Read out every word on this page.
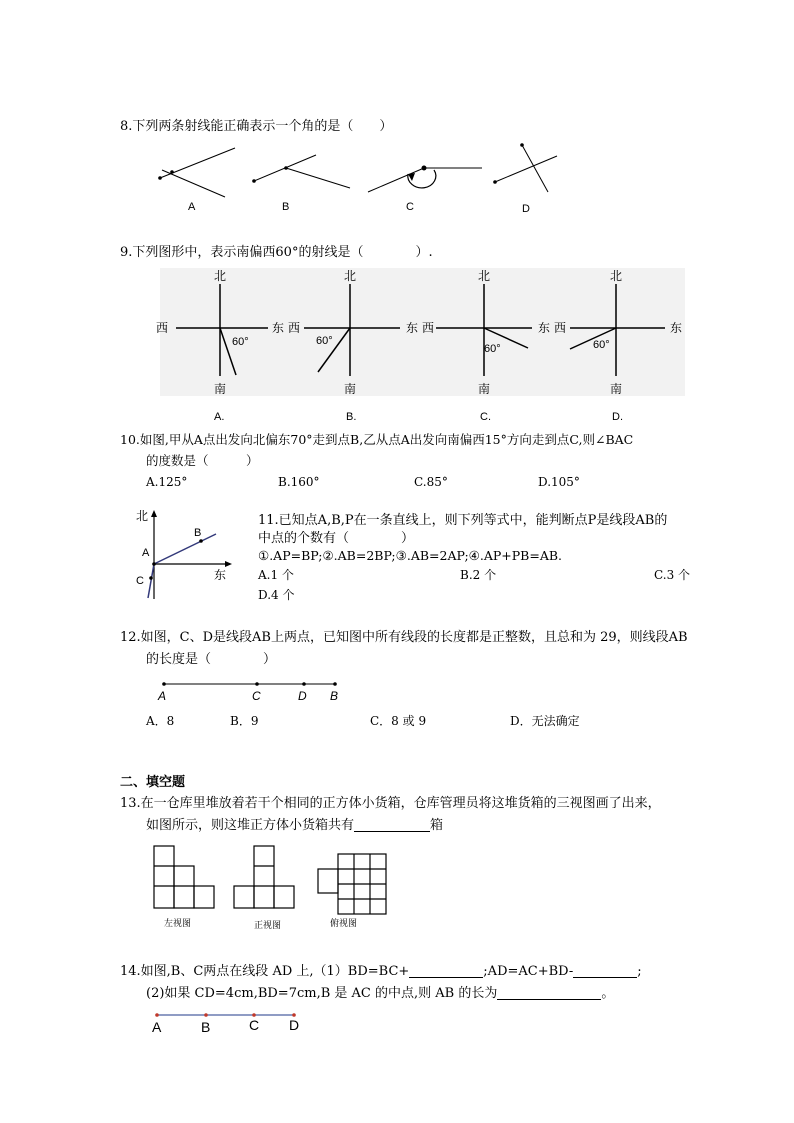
8.下列两条射线能正确表示一个角的是（　　）
A	B	C	D
9.下列图形中，表示南偏西60°的射线是（　　　　）.
北
南
西
60°
北
南
东 西
60°
北
南
东 西
60°
北
南
东 西	东
60°
A.	B.	C.	D.
10.如图,甲从A点出发向北偏东70°走到点B,乙从点A出发向南偏西15°方向走到点C,则∠BAC
的度数是（　　　）
A.125°	B.160°	C.85°	D.105°
北
东
A
B
C
11.已知点A,B,P在一条直线上，则下列等式中，能判断点P是线段AB的
中点的个数有（　　　　）
①.AP=BP;②.AB=2BP;③.AB=2AP;④.AP+PB=AB.
A.1 个	B.2 个	C.3 个
D.4 个
12.如图，C、D是线段AB上两点，已知图中所有线段的长度都是正整数，且总和为 29，则线段AB
的长度是（　　　　）
A	C	D B
A．8	B．9	C．8 或 9	D．无法确定
二、填空题
13.在一仓库里堆放着若干个相同的正方体小货箱，仓库管理员将这堆货箱的三视图画了出来，
如图所示，则这堆正方体小货箱共有	箱
左视图	正视图	俯视图
14.如图,B、C两点在线段 AD 上,（1）BD=BC+	;AD=AC+BD-	;
(2)如果 CD=4cm,BD=7cm,B 是 AC 的中点,则 AB 的长为	。
A	B	C D
